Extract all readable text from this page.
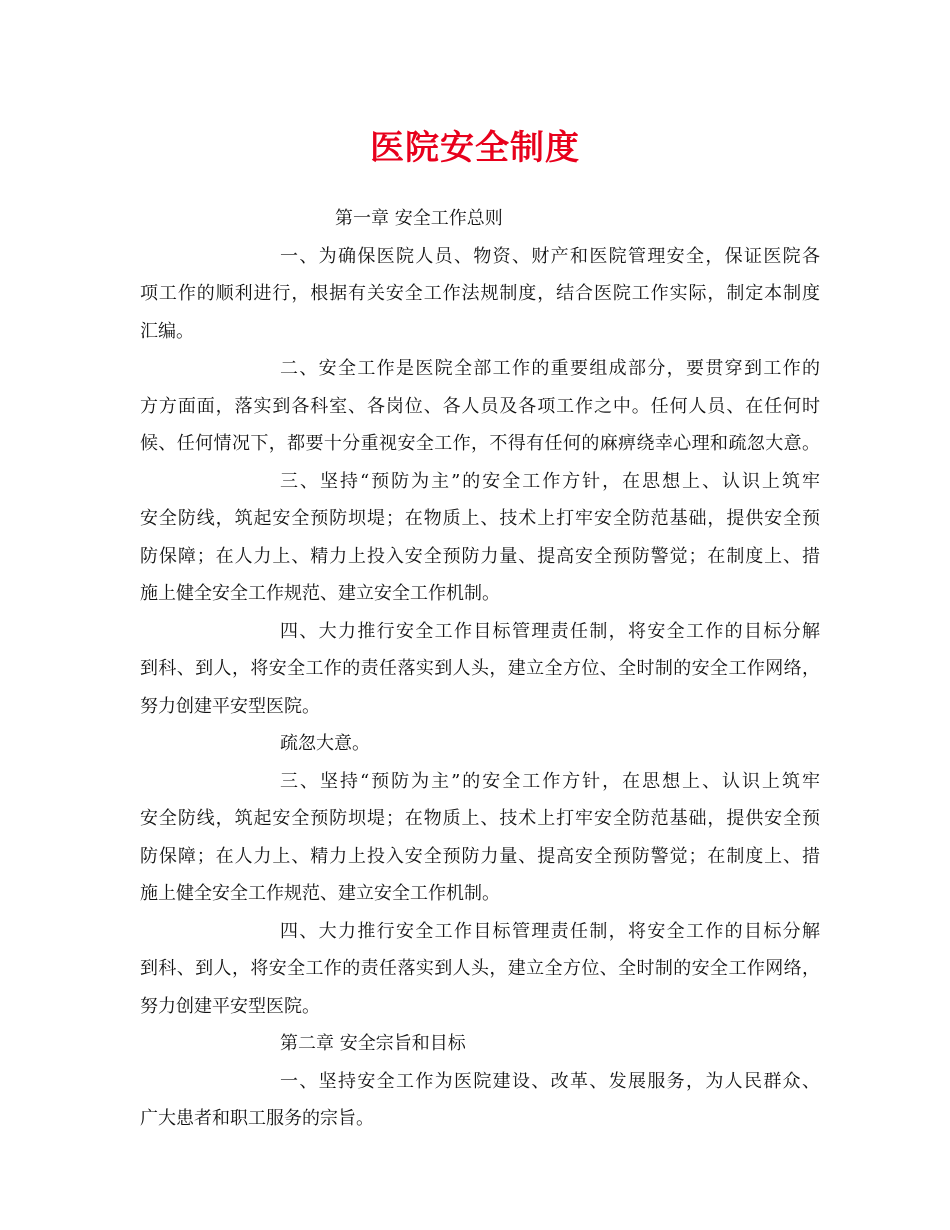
医院安全制度
第一章 安全工作总则
一、为确保医院人员、物资、财产和医院管理安全，保证医院各
项工作的顺利进行，根据有关安全工作法规制度，结合医院工作实际，制定本制度
汇编。
二、安全工作是医院全部工作的重要组成部分，要贯穿到工作的
方方面面，落实到各科室、各岗位、各人员及各项工作之中。任何人员、在任何时
候、任何情况下，都要十分重视安全工作，不得有任何的麻痹绕幸心理和疏忽大意。
三、坚持“预防为主”的安全工作方针，在思想上、认识上筑牢
安全防线，筑起安全预防坝堤；在物质上、技术上打牢安全防范基础，提供安全预
防保障；在人力上、精力上投入安全预防力量、提高安全预防警觉；在制度上、措
施上健全安全工作规范、建立安全工作机制。
四、大力推行安全工作目标管理责任制，将安全工作的目标分解
到科、到人，将安全工作的责任落实到人头，建立全方位、全时制的安全工作网络，
努力创建平安型医院。
疏忽大意。
三、坚持“预防为主”的安全工作方针，在思想上、认识上筑牢
安全防线，筑起安全预防坝堤；在物质上、技术上打牢安全防范基础，提供安全预
防保障；在人力上、精力上投入安全预防力量、提高安全预防警觉；在制度上、措
施上健全安全工作规范、建立安全工作机制。
四、大力推行安全工作目标管理责任制，将安全工作的目标分解
到科、到人，将安全工作的责任落实到人头，建立全方位、全时制的安全工作网络，
努力创建平安型医院。
第二章 安全宗旨和目标
一、坚持安全工作为医院建设、改革、发展服务，为人民群众、
广大患者和职工服务的宗旨。
